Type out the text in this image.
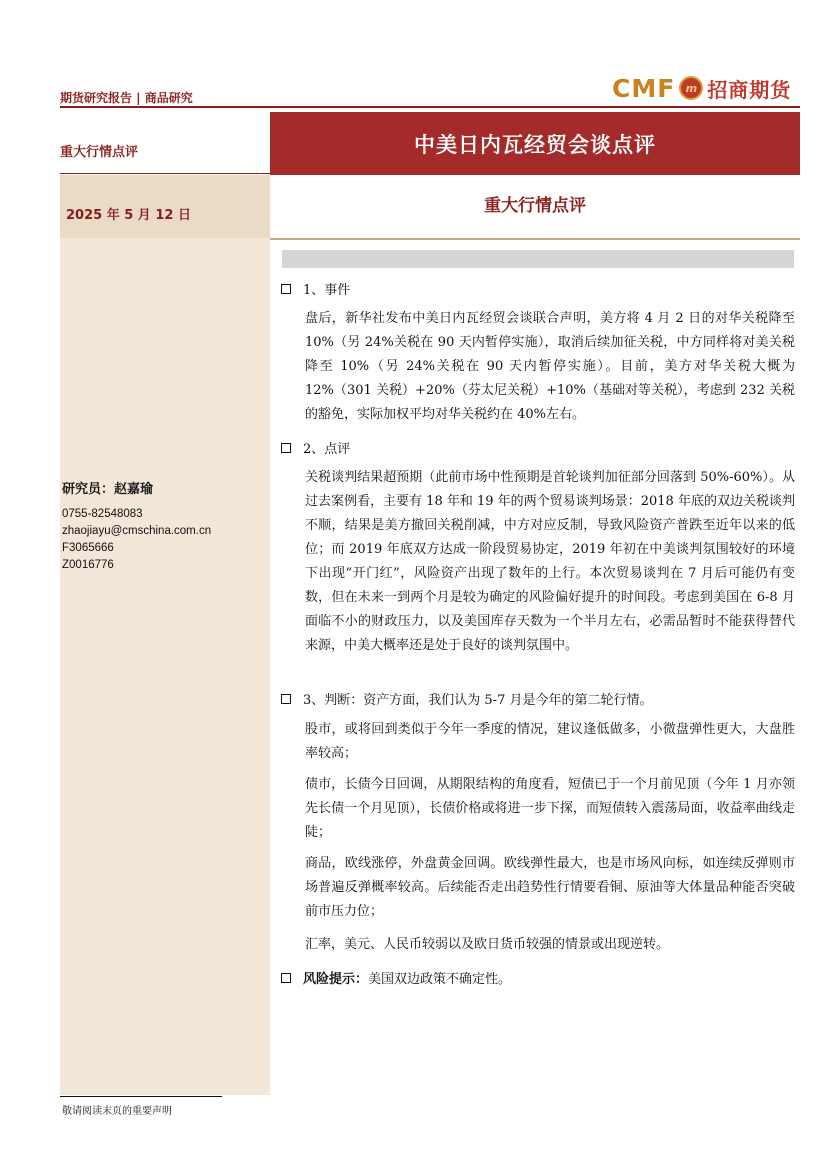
期货研究报告 | 商品研究	CMF m 招商期货
重大行情点评	中美日内瓦经贸会谈点评
2025 年 5 月 12 日	重大行情点评
研究员：赵嘉瑜
0755-82548083
zhaojiayu@cmschina.com.cn
F3065666
Z0016776
1、事件
盘后，新华社发布中美日内瓦经贸会谈联合声明，美方将 4 月 2 日的对华关税降至 10%（另 24%关税在 90 天内暂停实施），取消后续加征关税，中方同样将对美关税降至 10%（另 24%关税在 90 天内暂停实施）。目前，美方对华关税大概为 12%（301 关税）+20%（芬太尼关税）+10%（基础对等关税），考虑到 232 关税的豁免，实际加权平均对华关税约在 40%左右。
2、点评
关税谈判结果超预期（此前市场中性预期是首轮谈判加征部分回落到 50%-60%）。从过去案例看，主要有 18 年和 19 年的两个贸易谈判场景：2018 年底的双边关税谈判不顺，结果是美方撤回关税削减，中方对应反制，导致风险资产普跌至近年以来的低位；而 2019 年底双方达成一阶段贸易协定，2019 年初在中美谈判氛围较好的环境下出现“开门红”，风险资产出现了数年的上行。本次贸易谈判在 7 月后可能仍有变数，但在未来一到两个月是较为确定的风险偏好提升的时间段。考虑到美国在 6-8 月面临不小的财政压力，以及美国库存天数为一个半月左右，必需品暂时不能获得替代来源，中美大概率还是处于良好的谈判氛围中。
3、判断：资产方面，我们认为 5-7 月是今年的第二轮行情。
股市，或将回到类似于今年一季度的情况，建议逢低做多，小微盘弹性更大，大盘胜率较高；
债市，长债今日回调，从期限结构的角度看，短债已于一个月前见顶（今年 1 月亦领先长债一个月见顶），长债价格或将进一步下探，而短债转入震荡局面，收益率曲线走陡；
商品，欧线涨停，外盘黄金回调。欧线弹性最大，也是市场风向标，如连续反弹则市场普遍反弹概率较高。后续能否走出趋势性行情要看铜、原油等大体量品种能否突破前市压力位；
汇率，美元、人民币较弱以及欧日货币较强的情景或出现逆转。
风险提示： 美国双边政策不确定性。
敬请阅读末页的重要声明
